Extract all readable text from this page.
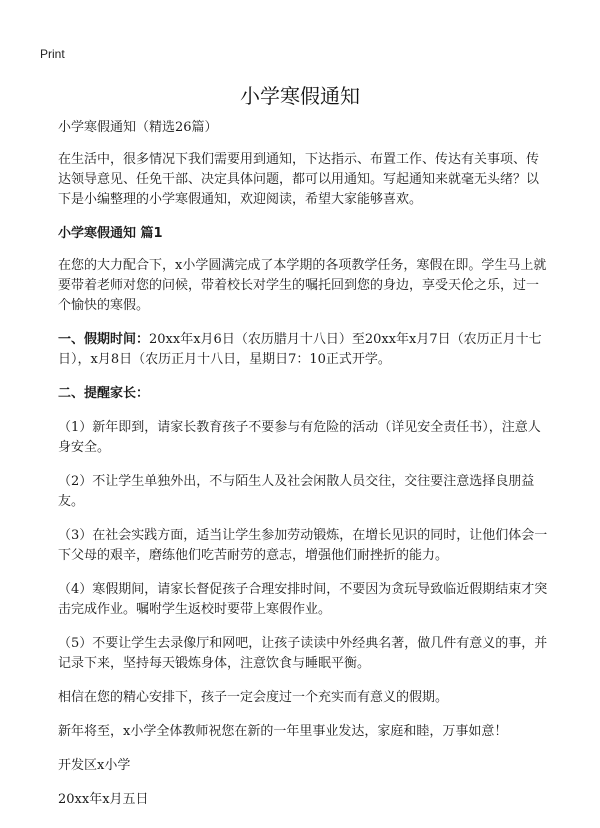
Print
小学寒假通知

小学寒假通知（精选26篇）

在生活中，很多情况下我们需要用到通知，下达指示、布置工作、传达有关事项、传达领导意见、任免干部、决定具体问题，都可以用通知。写起通知来就毫无头绪？以下是小编整理的小学寒假通知，欢迎阅读，希望大家能够喜欢。

小学寒假通知 篇1

在您的大力配合下，x小学圆满完成了本学期的各项教学任务，寒假在即。学生马上就要带着老师对您的问候，带着校长对学生的嘱托回到您的身边，享受天伦之乐，过一个愉快的寒假。

一、假期时间：20xx年x月6日（农历腊月十八日）至20xx年x月7日（农历正月十七日），x月8日（农历正月十八日，星期日7：10正式开学。

二、提醒家长：

（1）新年即到，请家长教育孩子不要参与有危险的活动（详见安全责任书），注意人身安全。

（2）不让学生单独外出，不与陌生人及社会闲散人员交往，交往要注意选择良朋益友。

（3）在社会实践方面，适当让学生参加劳动锻炼，在增长见识的同时，让他们体会一下父母的艰辛，磨练他们吃苦耐劳的意志，增强他们耐挫折的能力。

（4）寒假期间，请家长督促孩子合理安排时间，不要因为贪玩导致临近假期结束才突击完成作业。嘱咐学生返校时要带上寒假作业。

（5）不要让学生去录像厅和网吧，让孩子读读中外经典名著，做几件有意义的事，并记录下来，坚持每天锻炼身体，注意饮食与睡眠平衡。

相信在您的精心安排下，孩子一定会度过一个充实而有意义的假期。

新年将至，x小学全体教师祝您在新的一年里事业发达，家庭和睦，万事如意！

开发区x小学

20xx年x月五日
